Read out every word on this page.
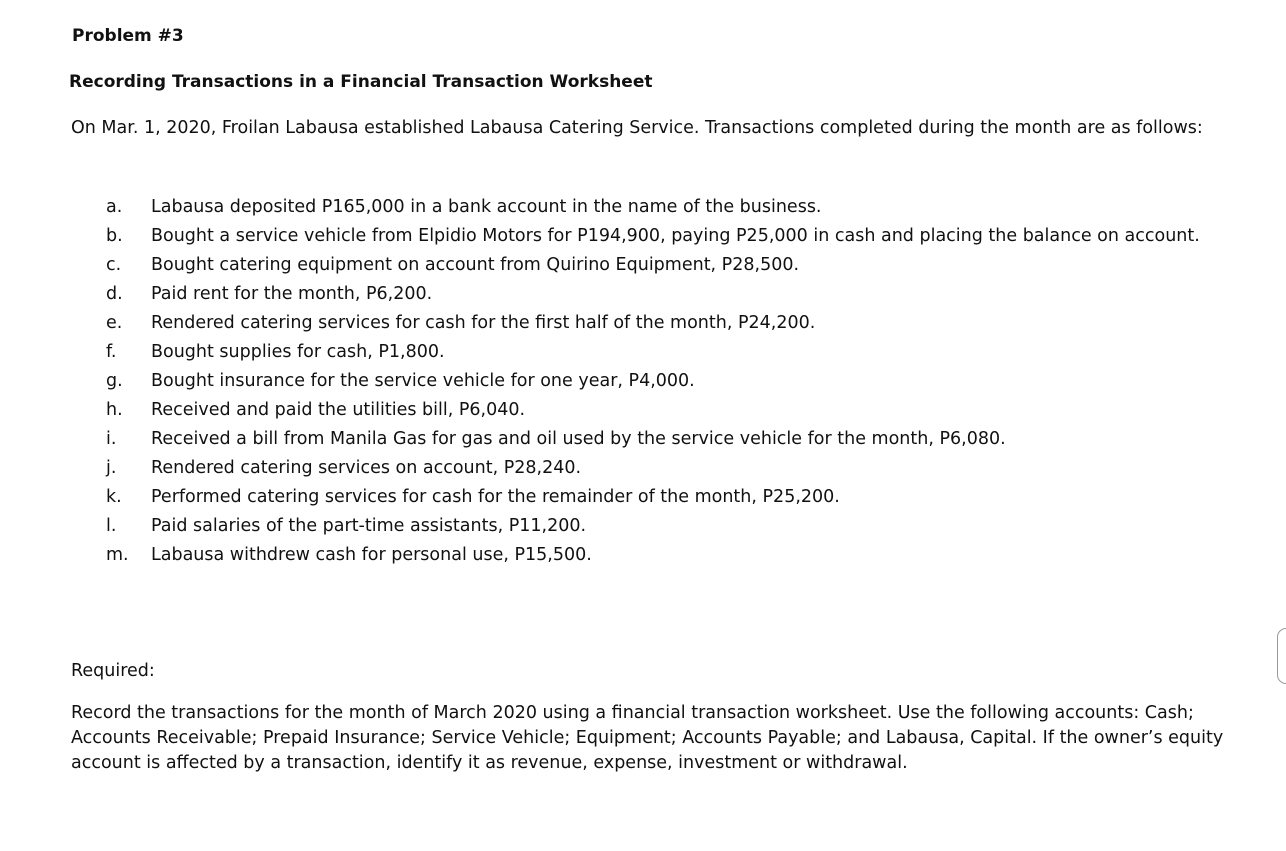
Problem #3
Recording Transactions in a Financial Transaction Worksheet

On Mar. 1, 2020, Froilan Labausa established Labausa Catering Service. Transactions completed during the month are as follows:

a.	Labausa deposited P165,000 in a bank account in the name of the business.
b.	Bought a service vehicle from Elpidio Motors for P194,900, paying P25,000 in cash and placing the balance on account.
c.	Bought catering equipment on account from Quirino Equipment, P28,500.
d.	Paid rent for the month, P6,200.
e.	Rendered catering services for cash for the first half of the month, P24,200.
f.	Bought supplies for cash, P1,800.
g.	Bought insurance for the service vehicle for one year, P4,000.
h.	Received and paid the utilities bill, P6,040.
i.	Received a bill from Manila Gas for gas and oil used by the service vehicle for the month, P6,080.
j.	Rendered catering services on account, P28,240.
k.	Performed catering services for cash for the remainder of the month, P25,200.
l.	Paid salaries of the part-time assistants, P11,200.
m.	Labausa withdrew cash for personal use, P15,500.
Required:

Record the transactions for the month of March 2020 using a financial transaction worksheet. Use the following accounts: Cash; Accounts Receivable; Prepaid Insurance; Service Vehicle; Equipment; Accounts Payable; and Labausa, Capital. If the owner’s equity account is affected by a transaction, identify it as revenue, expense, investment or withdrawal.
